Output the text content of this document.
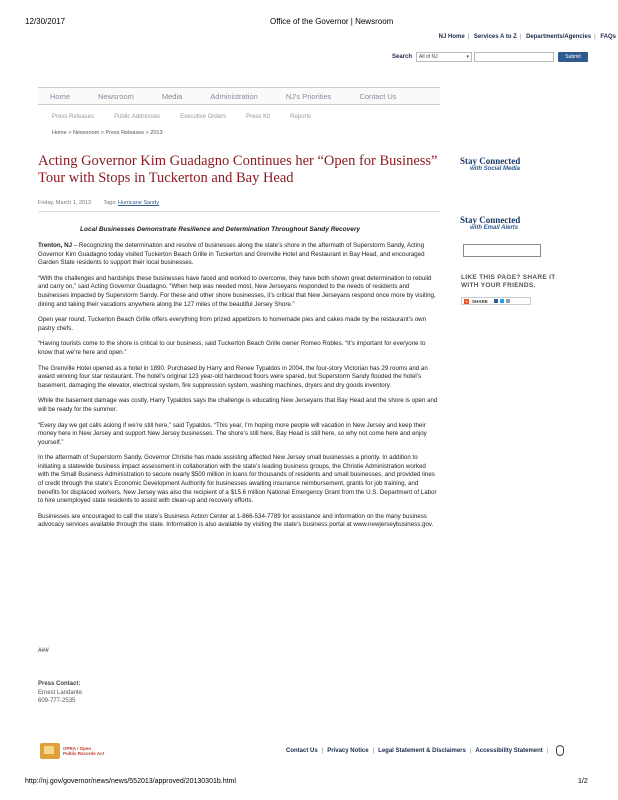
12/30/2017	Office of the Governor | Newsroom
NJ Home | Services A to Z | Departments/Agencies | FAQs
Search	All of NJ	▾	Submit
Home	Newsroom	Media	Administration	NJ's Priorities	Contact Us
Press Releases	Public Addresses	Executive Orders	Press Kit	Reports
Home > Newsroom > Press Releases > 2013
Acting Governor Kim Guadagno Continues her “Open for Business” Tour with Stops in Tuckerton and Bay Head
Friday, March 1, 2013 Tags: Hurricane Sandy
Local Businesses Demonstrate Resilience and Determination Throughout Sandy Recovery

Trenton, NJ – Recognizing the determination and resolve of businesses along the state’s shore in the aftermath of Superstorm Sandy, Acting Governor Kim Guadagno today visited Tuckerton Beach Grille in Tuckerton and Grenville Hotel and Restaurant in Bay Head, and encouraged Garden State residents to support their local businesses.

“With the challenges and hardships these businesses have faced and worked to overcome, they have both shown great determination to rebuild and carry on,” said Acting Governor Guadagno. “When help was needed most, New Jerseyans responded to the needs of residents and businesses impacted by Superstorm Sandy. For these and other shore businesses, it’s critical that New Jerseyans respond once more by visiting, dining and taking their vacations anywhere along the 127 miles of the beautiful Jersey Shore.”

Open year round, Tuckerton Beach Grille offers everything from prized appetizers to homemade pies and cakes made by the restaurant’s own pastry chefs.

“Having tourists come to the shore is critical to our business, said Tuckerton Beach Grille owner Romeo Robles. “It’s important for everyone to know that we’re here and open.”

The Grenville Hotel opened as a hotel in 1890. Purchased by Harry and Renee Typaldos in 2004, the four-story Victorian has 29 rooms and an award winning four star restaurant. The hotel’s original 123 year-old hardwood floors were spared, but Superstorm Sandy flooded the hotel’s basement, damaging the elevator, electrical system, fire suppression system, washing machines, dryers and dry goods inventory.

While the basement damage was costly, Harry Typaldos says the challenge is educating New Jerseyans that Bay Head and the shore is open and will be ready for the summer.

“Every day we get calls asking if we’re still here,” said Typaldos. “This year, I’m hoping more people will vacation in New Jersey and keep their money here in New Jersey and support New Jersey businesses. The shore’s still here, Bay Head is still here, so why not come here and enjoy yourself.”

In the aftermath of Superstorm Sandy, Governor Christie has made assisting affected New Jersey small businesses a priority. In addition to initiating a statewide business impact assessment in collaboration with the state’s leading business groups, the Christie Administration worked with the Small Business Administration to secure nearly $500 million in loans for thousands of residents and small businesses, and provided lines of credit through the state’s Economic Development Authority for businesses awaiting insurance reimbursement, grants for job training, and benefits for displaced workers. New Jersey was also the recipient of a $15.6 million National Emergency Grant from the U.S. Department of Labor to hire unemployed state residents to assist with clean-up and recovery efforts.

Businesses are encouraged to call the state’s Business Action Center at 1-866-534-7789 for assistance and information on the many business advocacy services available through the state. Information is also available by visiting the state’s business portal at www.newjerseybusiness.gov.

###
Press Contact:
Ernest Landante
609-777-2535
Stay Connected
with Social Media
Stay Connected
with Email Alerts
LIKE THIS PAGE? SHARE IT
WITH YOUR FRIENDS.
+ SHARE
OPRA / Open
Public Records Act	Contact Us | Privacy Notice | Legal Statement & Disclaimers | Accessibility Statement |
http://nj.gov/governor/news/news/552013/approved/20130301b.html	1/2
